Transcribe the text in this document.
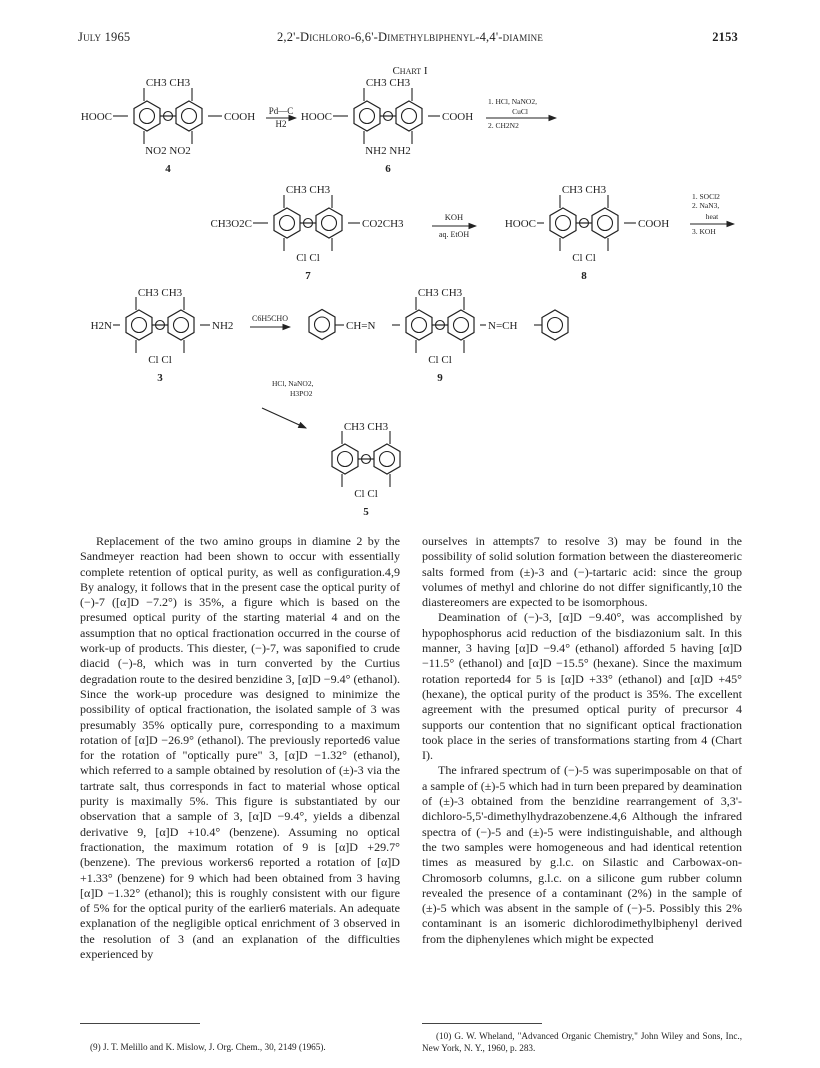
July 1965	2,2'-Dichloro-6,6'-Dimethylbiphenyl-4,4'-diamine	2153
Chart I
CH3 CH3
HOOC	COOH
NO2 NO2
4
Pd—C
H2
CH3 CH3
HOOC	COOH
NH2 NH2
6
1. HCl, NaNO2,
CuCl
2. CH2N2
CH3 CH3
CH3O2C	CO2CH3
Cl Cl
7
KOH
aq. EtOH
CH3 CH3
HOOC	COOH
Cl Cl
8
1. SOCl2
2. NaN3,
heat
3. KOH
CH3 CH3
H2N	NH2
Cl Cl
3
C6H5CHO
CH=N	N=CH
CH3 CH3
Cl Cl
9
HCl, NaNO2,
H3PO2
CH3 CH3
Cl Cl
5

Replacement of the two amino groups in diamine 2 by the Sandmeyer reaction had been shown to occur with essentially complete retention of optical purity, as well as configuration.4,9 By analogy, it follows that in the present case the optical purity of (−)-7 ([α]D −7.2°) is 35%, a figure which is based on the presumed optical purity of the starting material 4 and on the assumption that no optical fractionation occurred in the course of work-up of products. This diester, (−)-7, was saponified to crude diacid (−)-8, which was in turn converted by the Curtius degradation route to the desired benzidine 3, [α]D −9.4° (ethanol). Since the work-up procedure was designed to minimize the possibility of optical fractionation, the isolated sample of 3 was presumably 35% optically pure, corresponding to a maximum rotation of [α]D −26.9° (ethanol). The previously reported6 value for the rotation of "optically pure" 3, [α]D −1.32° (ethanol), which referred to a sample obtained by resolution of (±)-3 via the tartrate salt, thus corresponds in fact to material whose optical purity is maximally 5%. This figure is substantiated by our observation that a sample of 3, [α]D −9.4°, yields a dibenzal derivative 9, [α]D +10.4° (benzene). Assuming no optical fractionation, the maximum rotation of 9 is [α]D +29.7° (benzene). The previous workers6 reported a rotation of [α]D +1.33° (benzene) for 9 which had been obtained from 3 having [α]D −1.32° (ethanol); this is roughly consistent with our figure of 5% for the optical purity of the earlier6 materials. An adequate explanation of the negligible optical enrichment of 3 observed in the resolution of 3 (and an explanation of the difficulties experienced by

ourselves in attempts7 to resolve 3) may be found in the possibility of solid solution formation between the diastereomeric salts formed from (±)-3 and (−)-tartaric acid: since the group volumes of methyl and chlorine do not differ significantly,10 the diastereomers are expected to be isomorphous.

Deamination of (−)-3, [α]D −9.40°, was accomplished by hypophosphorus acid reduction of the bisdiazonium salt. In this manner, 3 having [α]D −9.4° (ethanol) afforded 5 having [α]D −11.5° (ethanol) and [α]D −15.5° (hexane). Since the maximum rotation reported4 for 5 is [α]D +33° (ethanol) and [α]D +45° (hexane), the optical purity of the product is 35%. The excellent agreement with the presumed optical purity of precursor 4 supports our contention that no significant optical fractionation took place in the series of transformations starting from 4 (Chart I).

The infrared spectrum of (−)-5 was superimposable on that of a sample of (±)-5 which had in turn been prepared by deamination of (±)-3 obtained from the benzidine rearrangement of 3,3'-dichloro-5,5'-dimethylhydrazobenzene.4,6 Although the infrared spectra of (−)-5 and (±)-5 were indistinguishable, and although the two samples were homogeneous and had identical retention times as measured by g.l.c. on Silastic and Carbowax-on-Chromosorb columns, g.l.c. on a silicone gum rubber column revealed the presence of a contaminant (2%) in the sample of (±)-5 which was absent in the sample of (−)-5. Possibly this 2% contaminant is an isomeric dichlorodimethylbiphenyl derived from the diphenylenes which might be expected

(9) J. T. Melillo and K. Mislow, J. Org. Chem., 30, 2149 (1965).
(10) G. W. Wheland, "Advanced Organic Chemistry," John Wiley and Sons, Inc., New York, N. Y., 1960, p. 283.
